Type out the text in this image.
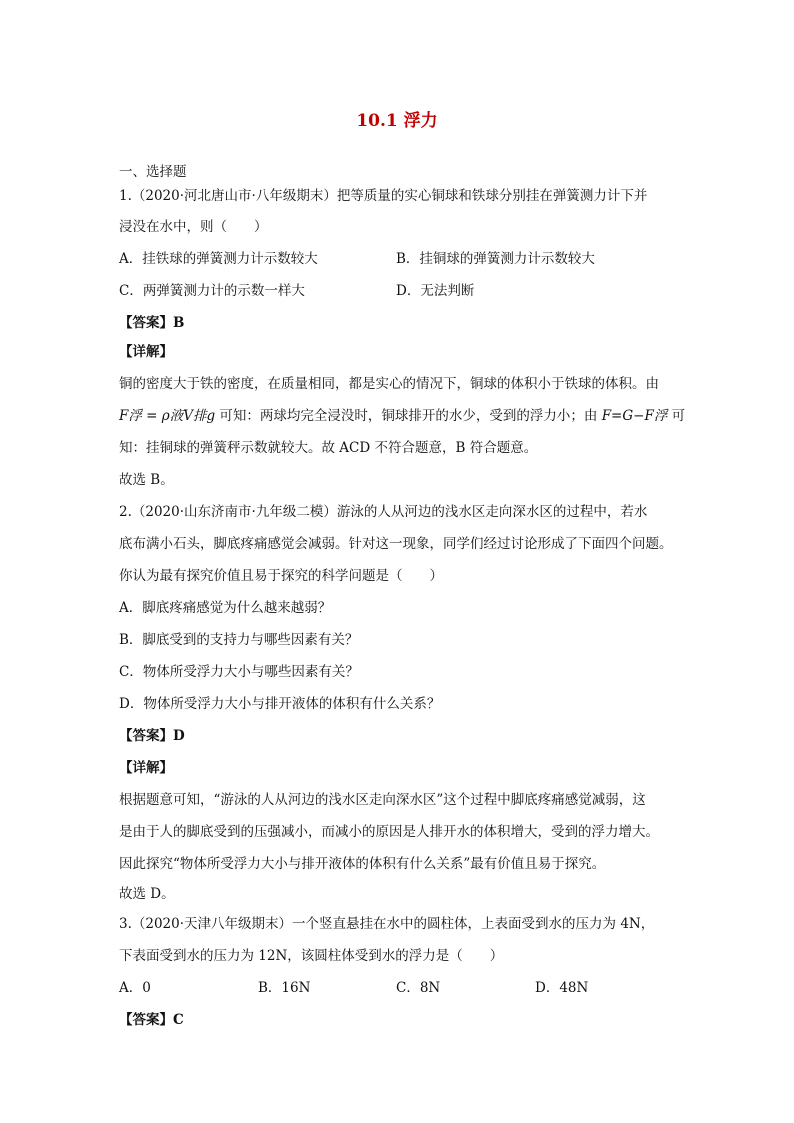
10.1 浮力
一、选择题
1.（2020·河北唐山市·八年级期末）把等质量的实心铜球和铁球分别挂在弹簧测力计下并
浸没在水中，则（　　）
A．挂铁球的弹簧测力计示数较大	B．挂铜球的弹簧测力计示数较大
C．两弹簧测力计的示数一样大	D．无法判断
【答案】B
【详解】
铜的密度大于铁的密度，在质量相同，都是实心的情况下，铜球的体积小于铁球的体积。由
F浮 = ρ液V排g 可知：两球均完全浸没时，铜球排开的水少，受到的浮力小；由 F=G−F浮 可
知：挂铜球的弹簧秤示数就较大。故 ACD 不符合题意，B 符合题意。
故选 B。
2.（2020·山东济南市·九年级二模）游泳的人从河边的浅水区走向深水区的过程中，若水
底布满小石头，脚底疼痛感觉会减弱。针对这一现象，同学们经过讨论形成了下面四个问题。
你认为最有探究价值且易于探究的科学问题是（　　）
A．脚底疼痛感觉为什么越来越弱？
B．脚底受到的支持力与哪些因素有关？
C．物体所受浮力大小与哪些因素有关？
D．物体所受浮力大小与排开液体的体积有什么关系？
【答案】D
【详解】
根据题意可知，“游泳的人从河边的浅水区走向深水区”这个过程中脚底疼痛感觉减弱，这
是由于人的脚底受到的压强减小，而减小的原因是人排开水的体积增大，受到的浮力增大。
因此探究“物体所受浮力大小与排开液体的体积有什么关系”最有价值且易于探究。
故选 D。
3.（2020·天津八年级期末）一个竖直悬挂在水中的圆柱体，上表面受到水的压力为 4N，
下表面受到水的压力为 12N，该圆柱体受到水的浮力是（　　）
A．0	B．16N	C．8N	D．48N
【答案】C
